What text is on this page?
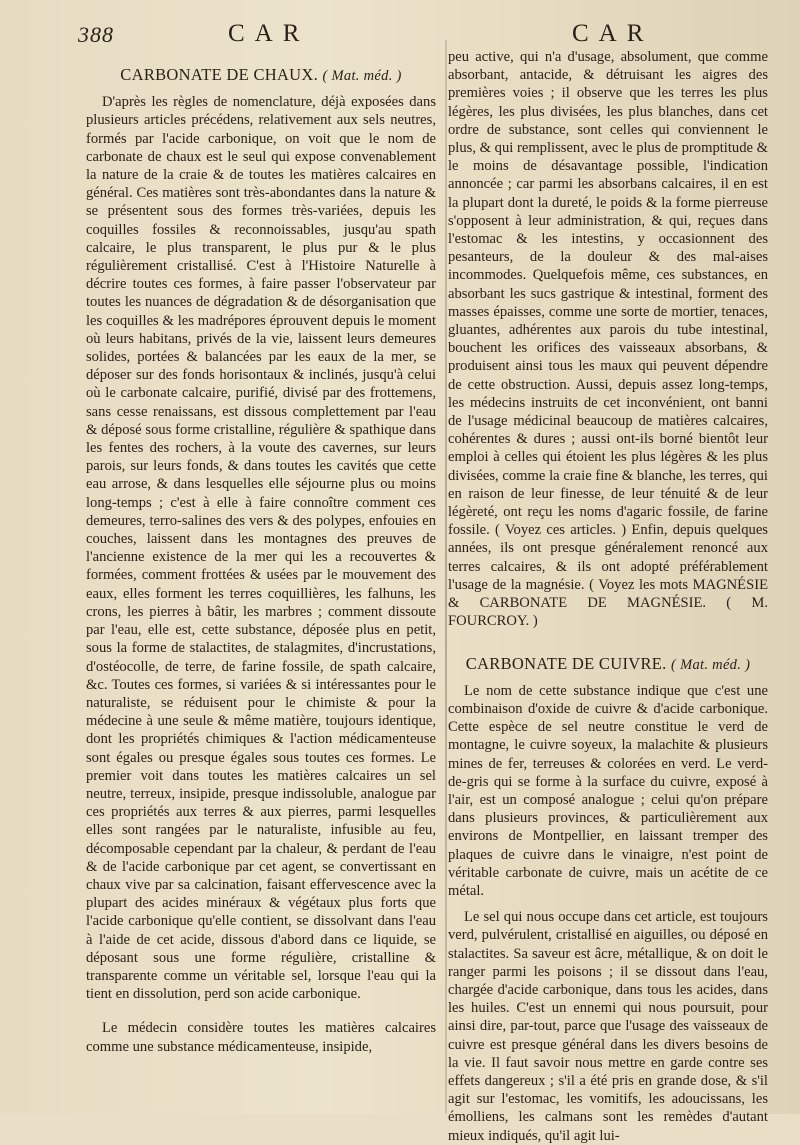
388	CAR	CAR
CARBONATE DE CHAUX. ( Mat. méd. )

D'après les règles de nomenclature, déjà exposées dans plusieurs articles précédens, relativement aux sels neutres, formés par l'acide carbonique, on voit que le nom de carbonate de chaux est le seul qui expose convenablement la nature de la craie & de toutes les matières calcaires en général. Ces matières sont très-abondantes dans la nature & se présentent sous des formes très-variées, depuis les coquilles fossiles & reconnoissables, jusqu'au spath calcaire, le plus transparent, le plus pur & le plus régulièrement cristallisé. C'est à l'Histoire Naturelle à décrire toutes ces formes, à faire passer l'observateur par toutes les nuances de dégradation & de désorganisation que les coquilles & les madrépores éprouvent depuis le moment où leurs habitans, privés de la vie, laissent leurs demeures solides, portées & balancées par les eaux de la mer, se déposer sur des fonds horisontaux & inclinés, jusqu'à celui où le carbonate calcaire, purifié, divisé par des frottemens, sans cesse renaissans, est dissous complettement par l'eau & déposé sous forme cristalline, régulière & spathique dans les fentes des rochers, à la voute des cavernes, sur leurs parois, sur leurs fonds, & dans toutes les cavités que cette eau arrose, & dans lesquelles elle séjourne plus ou moins long-temps ; c'est à elle à faire connoître comment ces demeures, terro-salines des vers & des polypes, enfouies en couches, laissent dans les montagnes des preuves de l'ancienne existence de la mer qui les a recouvertes & formées, comment frottées & usées par le mouvement des eaux, elles forment les terres coquillières, les falhuns, les crons, les pierres à bâtir, les marbres ; comment dissoute par l'eau, elle est, cette substance, déposée plus en petit, sous la forme de stalactites, de stalagmites, d'incrustations, d'ostéocolle, de terre, de farine fossile, de spath calcaire, &c. Toutes ces formes, si variées & si intéressantes pour le naturaliste, se réduisent pour le chimiste & pour la médecine à une seule & même matière, toujours identique, dont les propriétés chimiques & l'action médicamenteuse sont égales ou presque égales sous toutes ces formes. Le premier voit dans toutes les matières calcaires un sel neutre, terreux, insipide, presque indissoluble, analogue par ces propriétés aux terres & aux pierres, parmi lesquelles elles sont rangées par le naturaliste, infusible au feu, décomposable cependant par la chaleur, & perdant de l'eau & de l'acide carbonique par cet agent, se convertissant en chaux vive par sa calcination, faisant effervescence avec la plupart des acides minéraux & végétaux plus forts que l'acide carbonique qu'elle contient, se dissolvant dans l'eau à l'aide de cet acide, dissous d'abord dans ce liquide, se déposant sous une forme régulière, cristalline & transparente comme un véritable sel, lorsque l'eau qui la tient en dissolution, perd son acide carbonique.

Le médecin considère toutes les matières calcaires comme une substance médicamenteuse, insipide,

peu active, qui n'a d'usage, absolument, que comme absorbant, antacide, & détruisant les aigres des premières voies ; il observe que les terres les plus légères, les plus divisées, les plus blanches, dans cet ordre de substance, sont celles qui conviennent le plus, & qui remplissent, avec le plus de promptitude & le moins de désavantage possible, l'indication annoncée ; car parmi les absorbans calcaires, il en est la plupart dont la dureté, le poids & la forme pierreuse s'opposent à leur administration, & qui, reçues dans l'estomac & les intestins, y occasionnent des pesanteurs, de la douleur & des mal-aises incommodes. Quelquefois même, ces substances, en absorbant les sucs gastrique & intestinal, forment des masses épaisses, comme une sorte de mortier, tenaces, gluantes, adhérentes aux parois du tube intestinal, bouchent les orifices des vaisseaux absorbans, & produisent ainsi tous les maux qui peuvent dépendre de cette obstruction. Aussi, depuis assez long-temps, les médecins instruits de cet inconvénient, ont banni de l'usage médicinal beaucoup de matières calcaires, cohérentes & dures ; aussi ont-ils borné bientôt leur emploi à celles qui étoient les plus légères & les plus divisées, comme la craie fine & blanche, les terres, qui en raison de leur finesse, de leur ténuité & de leur légèreté, ont reçu les noms d'agaric fossile, de farine fossile. ( Voyez ces articles. ) Enfin, depuis quelques années, ils ont presque généralement renoncé aux terres calcaires, & ils ont adopté préférablement l'usage de la magnésie. ( Voyez les mots MAGNÉSIE & CARBONATE DE MAGNÉSIE. ( M. FOURCROY. )

CARBONATE DE CUIVRE. ( Mat. méd. )

Le nom de cette substance indique que c'est une combinaison d'oxide de cuivre & d'acide carbonique. Cette espèce de sel neutre constitue le verd de montagne, le cuivre soyeux, la malachite & plusieurs mines de fer, terreuses & colorées en verd. Le verd-de-gris qui se forme à la surface du cuivre, exposé à l'air, est un composé analogue ; celui qu'on prépare dans plusieurs provinces, & particulièrement aux environs de Montpellier, en laissant tremper des plaques de cuivre dans le vinaigre, n'est point de véritable carbonate de cuivre, mais un acétite de ce métal.

Le sel qui nous occupe dans cet article, est toujours verd, pulvérulent, cristallisé en aiguilles, ou déposé en stalactites. Sa saveur est âcre, métallique, & on doit le ranger parmi les poisons ; il se dissout dans l'eau, chargée d'acide carbonique, dans tous les acides, dans les huiles. C'est un ennemi qui nous poursuit, pour ainsi dire, par-tout, parce que l'usage des vaisseaux de cuivre est presque général dans les divers besoins de la vie. Il faut savoir nous mettre en garde contre ses effets dangereux ; s'il a été pris en grande dose, & s'il agit sur l'estomac, les vomitifs, les adoucissans, les émolliens, les calmans sont les remèdes d'autant mieux indiqués, qu'il agit lui-
